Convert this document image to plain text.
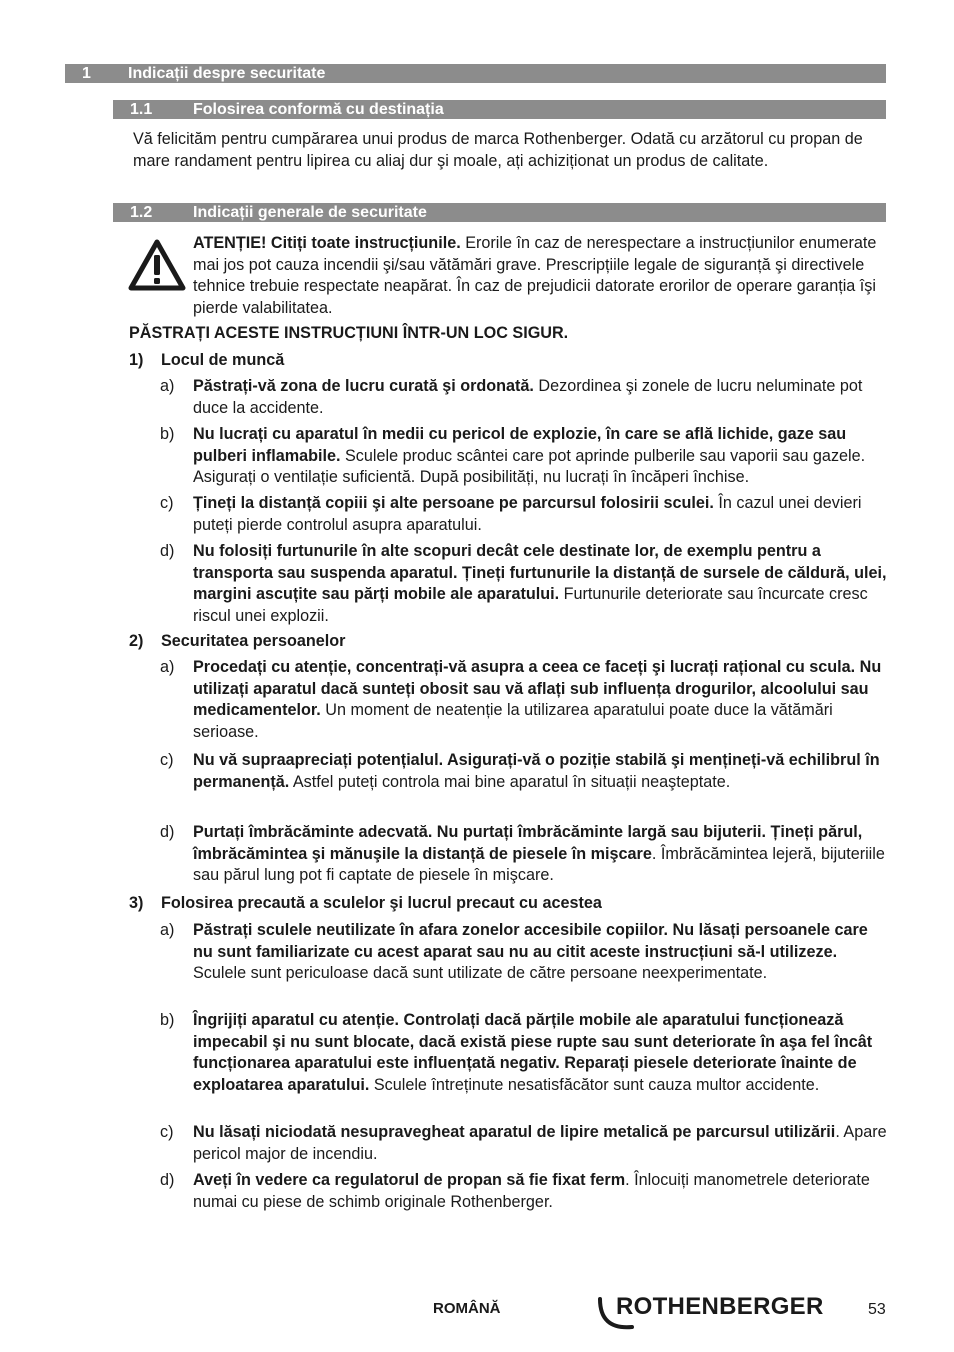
1 Indicații despre securitate
1.1	Folosirea conformă cu destinația

Vă felicităm pentru cumpărarea unui produs de marca Rothenberger. Odată cu arzătorul cu propan de mare randament pentru lipirea cu aliaj dur şi moale, ați achiziționat un produs de calitate.

1.2	Indicații generale de securitate

ATENȚIE! Citiți toate instrucțiunile. Erorile în caz de nerespectare a instrucțiunilor enumerate mai jos pot cauza incendii şi/sau vătămări grave. Prescripțiile legale de siguranță şi directivele tehnice trebuie respectate neapărat. În caz de prejudicii datorate erorilor de operare garanția îşi pierde valabilitatea.

PĂSTRAȚI ACESTE INSTRUCȚIUNI ÎNTR-UN LOC SIGUR.

1) Locul de muncă
a) Păstrați-vă zona de lucru curată şi ordonată. Dezordinea şi zonele de lucru neluminate pot duce la accidente.
b) Nu lucrați cu aparatul în medii cu pericol de explozie, în care se află lichide, gaze sau pulberi inflamabile. Sculele produc scântei care pot aprinde pulberile sau vaporii sau gazele. Asigurați o ventilație suficientă. După posibilități, nu lucrați în încăperi închise.
c) Țineți la distanță copiii şi alte persoane pe parcursul folosirii sculei. În cazul unei devieri puteți pierde controlul asupra aparatului.
d) Nu folosiți furtunurile în alte scopuri decât cele destinate lor, de exemplu pentru a transporta sau suspenda aparatul. Țineți furtunurile la distanță de sursele de căldură, ulei, margini ascuțite sau părți mobile ale aparatului. Furtunurile deteriorate sau încurcate cresc riscul unei explozii.
2) Securitatea persoanelor
a) Procedați cu atenție, concentrați-vă asupra a ceea ce faceți şi lucrați rațional cu scula. Nu utilizați aparatul dacă sunteți obosit sau vă aflați sub influența drogurilor, alcoolului sau medicamentelor. Un moment de neatenție la utilizarea aparatului poate duce la vătămări serioase.
c) Nu vă supraapreciați potențialul. Asigurați-vă o poziție stabilă şi mențineți-vă echilibrul în permanență. Astfel puteți controla mai bine aparatul în situații neaşteptate.
d) Purtați îmbrăcăminte adecvată. Nu purtați îmbrăcăminte largă sau bijuterii. Țineți părul, îmbrăcămintea şi mănuşile la distanță de piesele în mişcare. Îmbrăcămintea lejeră, bijuteriile sau părul lung pot fi captate de piesele în mişcare.
3) Folosirea precaută a sculelor şi lucrul precaut cu acestea
a) Păstrați sculele neutilizate în afara zonelor accesibile copiilor. Nu lăsați persoanele care nu sunt familiarizate cu acest aparat sau nu au citit aceste instrucțiuni să-l utilizeze. Sculele sunt periculoase dacă sunt utilizate de către persoane neexperimentate.
b) Îngrijiți aparatul cu atenție. Controlați dacă părțile mobile ale aparatului funcționează impecabil şi nu sunt blocate, dacă există piese rupte sau sunt deteriorate în aşa fel încât funcționarea aparatului este influențată negativ. Reparați piesele deteriorate înainte de exploatarea aparatului. Sculele întreținute nesatisfăcător sunt cauza multor accidente.
c) Nu lăsați niciodată nesupravegheat aparatul de lipire metalică pe parcursul utilizării. Apare pericol major de incendiu.
d) Aveți în vedere ca regulatorul de propan să fie fixat ferm. Înlocuiți manometrele deteriorate numai cu piese de schimb originale Rothenberger.
ROMÂNĂ	ROTHENBERGER	53
